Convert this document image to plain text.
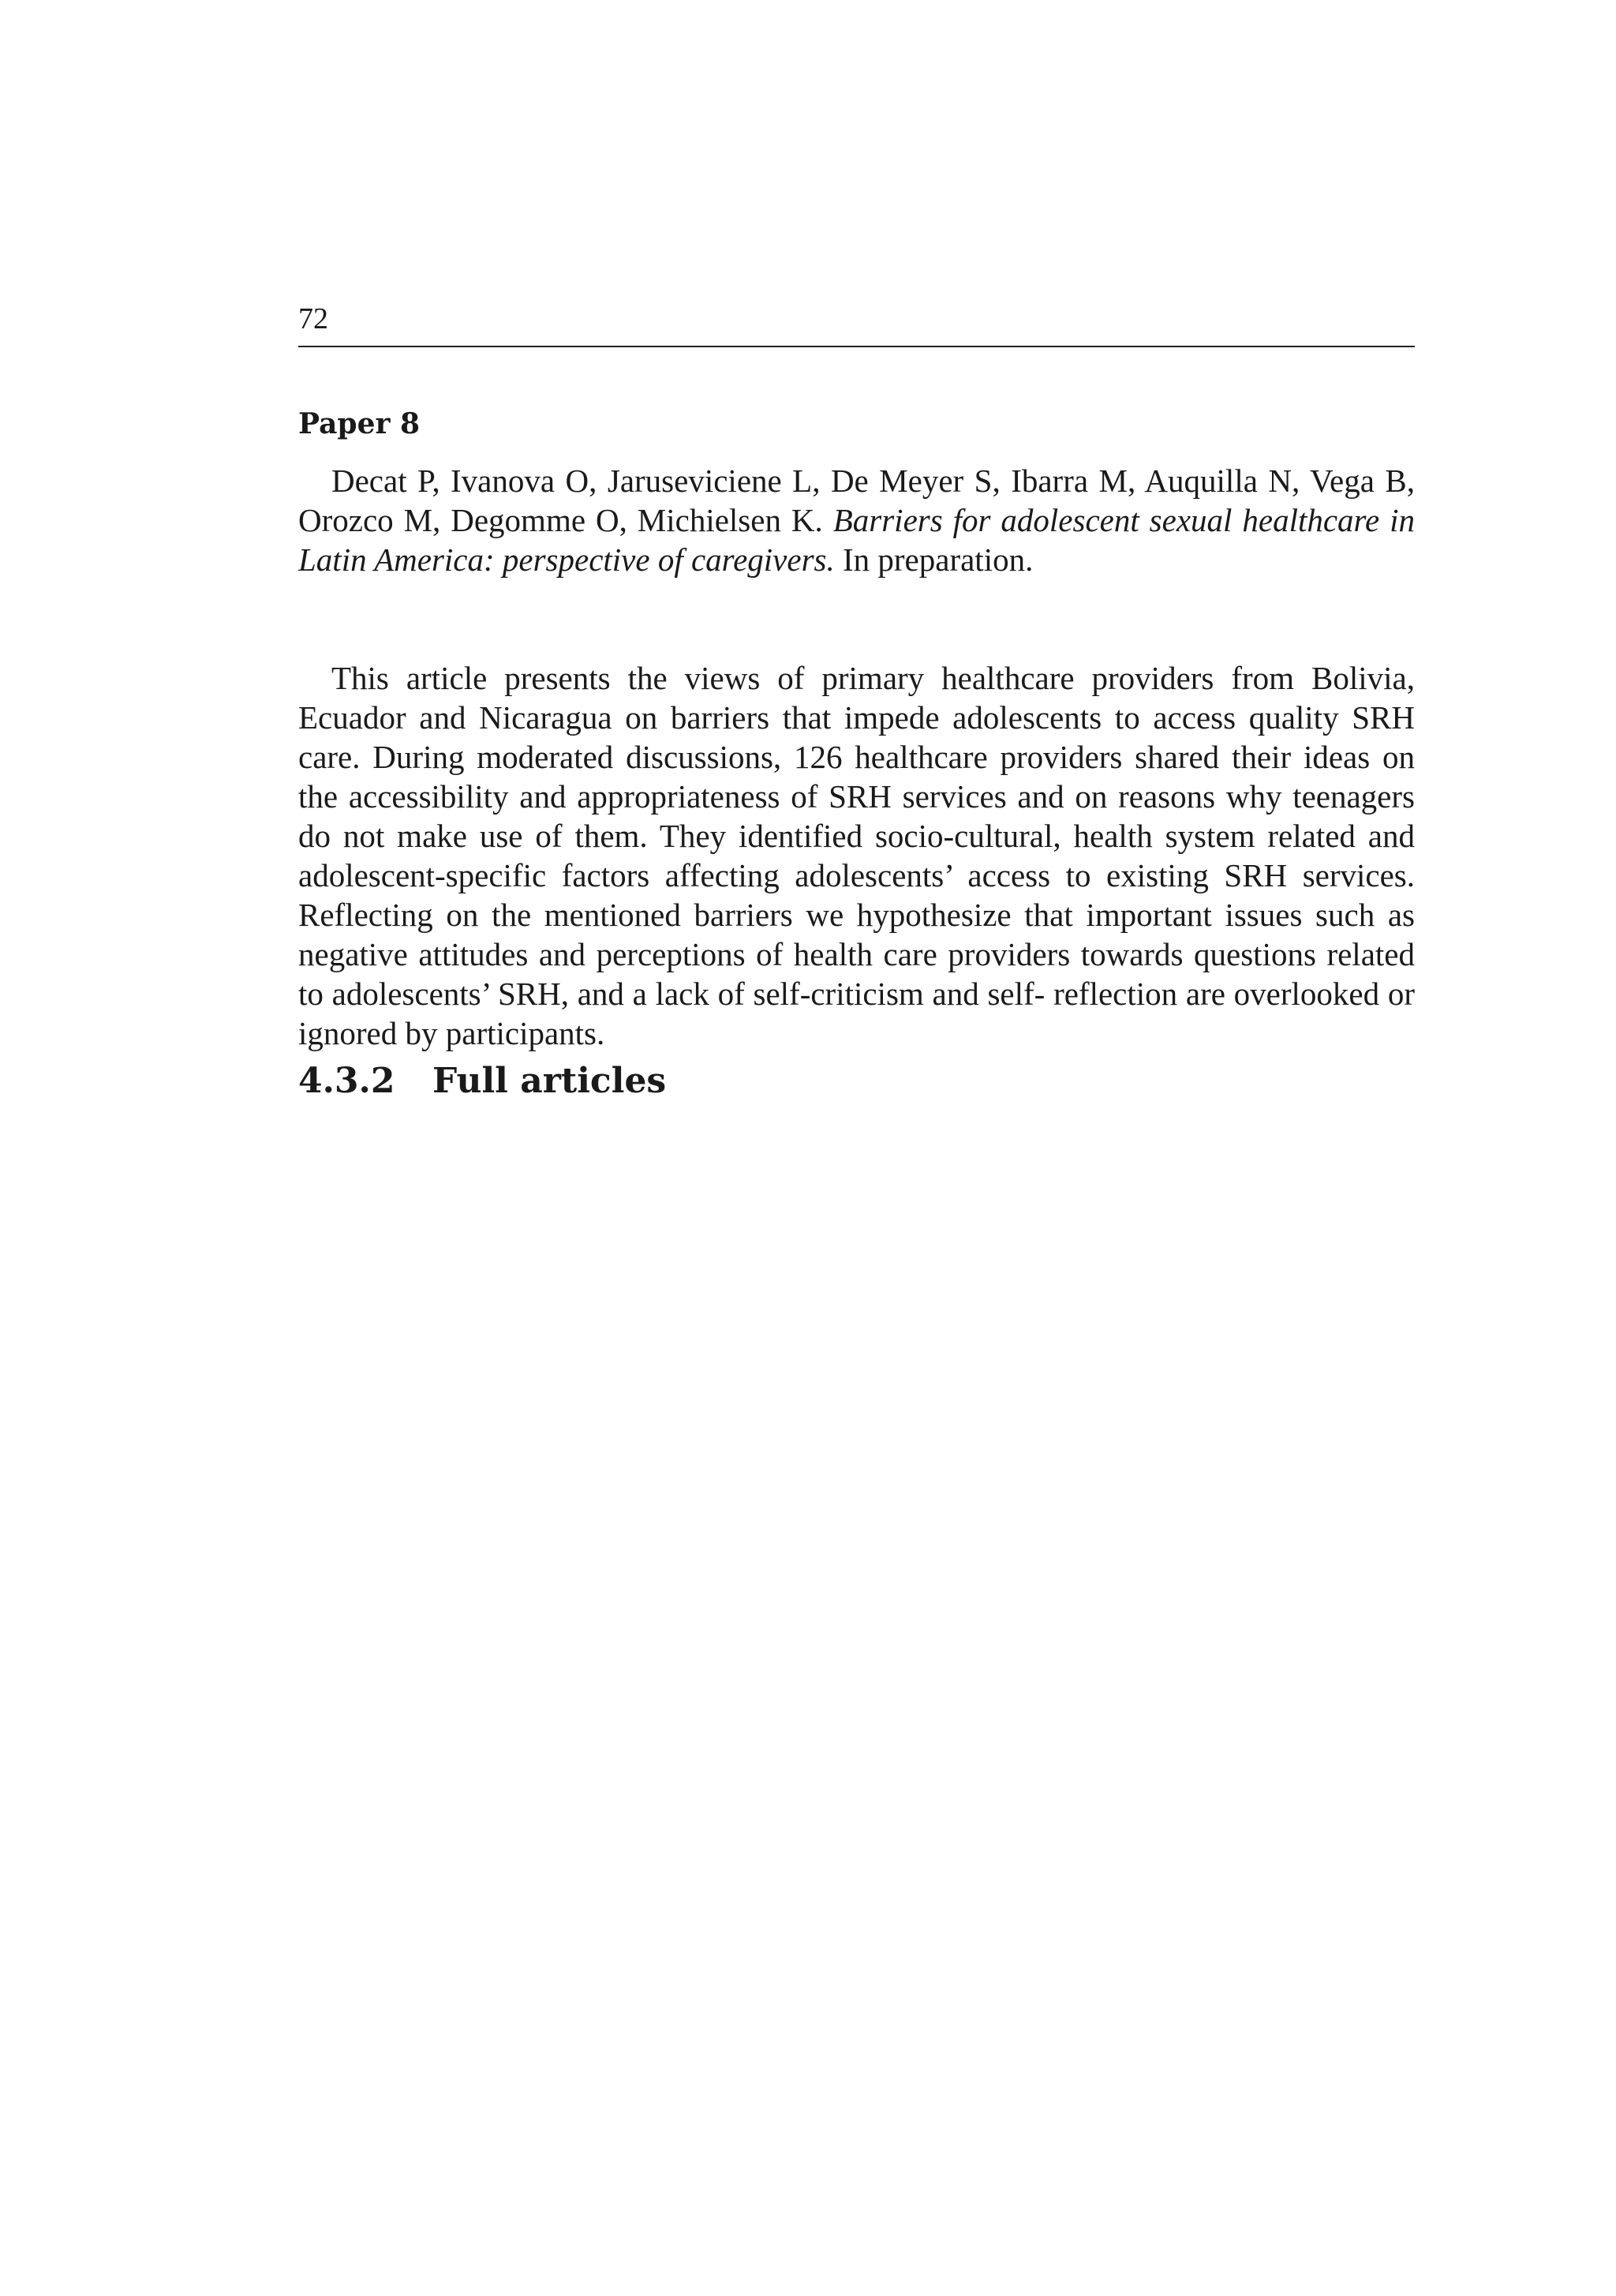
72
Paper 8

Decat P, Ivanova O, Jaruseviciene L, De Meyer S, Ibarra M, Auquilla N, Vega B, Orozco M, Degomme O, Michielsen K. Barriers for adolescent sexual healthcare in Latin America: perspective of caregivers. In preparation.

This article presents the views of primary healthcare providers from Bolivia, Ecuador and Nicaragua on barriers that impede adolescents to access quality SRH care. During moderated discussions, 126 healthcare providers shared their ideas on the accessibility and appropriateness of SRH services and on reasons why teenagers do not make use of them. They identified socio-cultural, health system related and adolescent-specific factors affecting adolescents’ access to existing SRH services. Reflecting on the mentioned barriers we hypothesize that important issues such as negative attitudes and perceptions of health care providers towards questions related to adolescents’ SRH, and a lack of self-criticism and self- reflection are overlooked or ignored by participants.

4.3.2 Full articles
